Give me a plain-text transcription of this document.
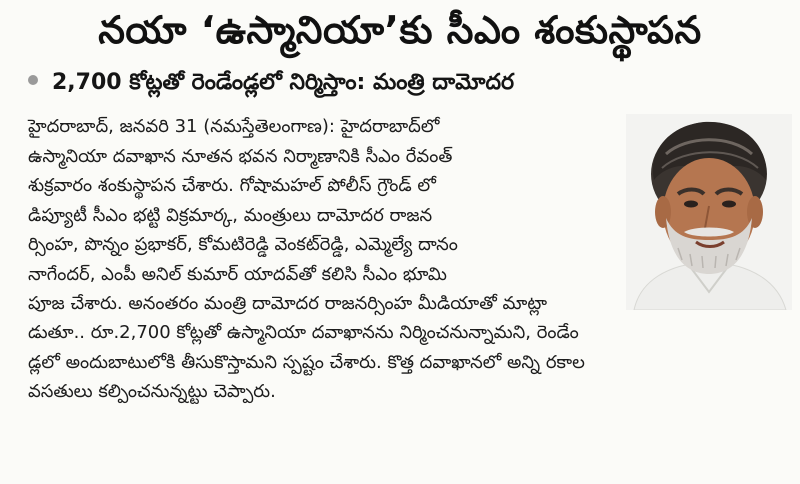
నయా ‘ఉస్మానియా’కు సీఎం శంకుస్థాపన
2,700 కోట్లతో రెండేండ్లలో నిర్మిస్తాం: మంత్రి దామోదర
హైదరాబాద్, జనవరి 31 (నమస్తేతెలంగాణ): హైదరాబాద్‌లో
ఉస్మానియా దవాఖాన నూతన భవన నిర్మాణానికి సీఎం రేవంత్
శుక్రవారం శంకుస్థాపన చేశారు. గోషామహల్ పోలీస్ గ్రౌండ్ లో
డిప్యూటీ సీఎం భట్టి విక్రమార్క, మంత్రులు దామోదర రాజన
ర్సింహ, పొన్నం ప్రభాకర్, కోమటిరెడ్డి వెంకట్‌రెడ్డి, ఎమ్మెల్యే దానం
నాగేందర్, ఎంపీ అనిల్ కుమార్ యాదవ్‌తో కలిసి సీఎం భూమి
పూజ చేశారు. అనంతరం మంత్రి దామోదర రాజనర్సింహ మీడియాతో మాట్లా
డుతూ.. రూ.2,700 కోట్లతో ఉస్మానియా దవాఖానను నిర్మించనున్నామని, రెండేం
డ్లలో అందుబాటులోకి తీసుకొస్తామని స్పష్టం చేశారు. కొత్త దవాఖానలో అన్ని రకాల
వసతులు కల్పించనున్నట్టు చెప్పారు.
